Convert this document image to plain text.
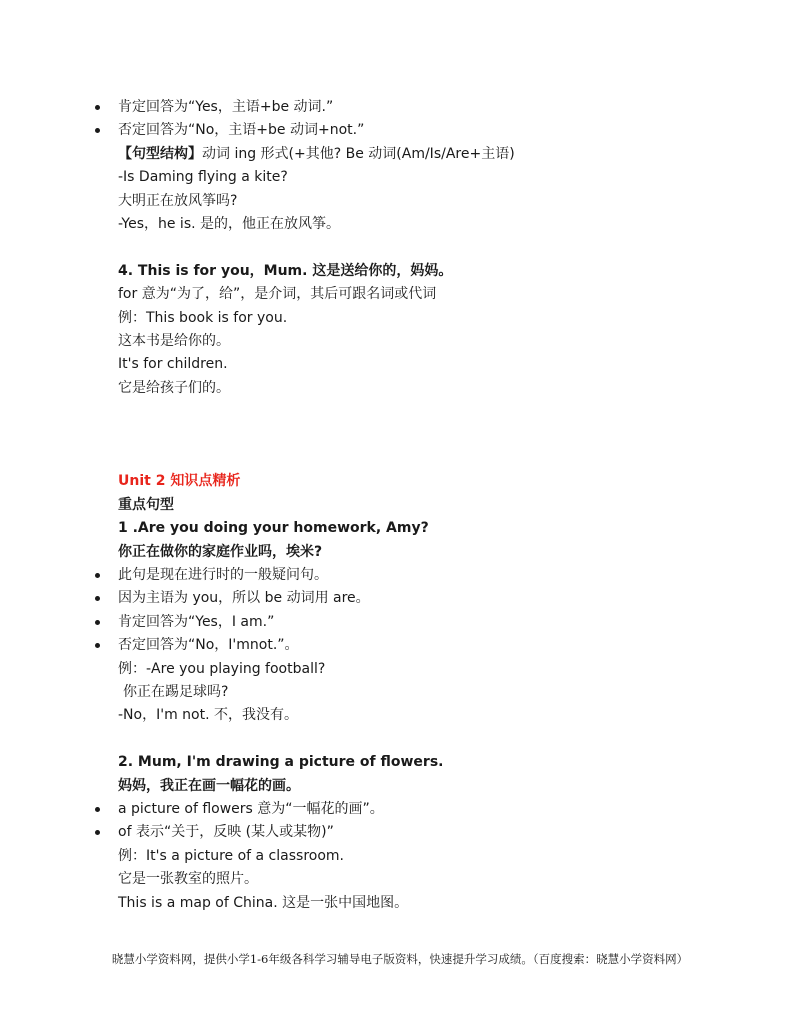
肯定回答为“Yes，主语+be 动词.”
否定回答为“No，主语+be 动词+not.”
【句型结构】动词 ing 形式(+其他? Be 动词(Am/Is/Are+主语)
-Is Daming flying a kite?
大明正在放风筝吗?
-Yes，he is. 是的，他正在放风筝。
4. This is for you，Mum. 这是送给你的，妈妈。
for 意为“为了，给”，是介词，其后可跟名词或代词
例：This book is for you.
这本书是给你的。
It's for children.
它是给孩子们的。
Unit 2 知识点精析
重点句型
1 .Are you doing your homework, Amy?
你正在做你的家庭作业吗，埃米?
此句是现在进行时的一般疑问句。
因为主语为 you，所以 be 动词用 are。
肯定回答为“Yes，I am.”
否定回答为“No，I'mnot.”。
例：-Are you playing football?
你正在踢足球吗?
-No，I'm not. 不，我没有。
2. Mum, I'm drawing a picture of flowers.
妈妈，我正在画一幅花的画。
a picture of flowers 意为“一幅花的画”。
of 表示“关于，反映 (某人或某物)”
例：It's a picture of a classroom.
它是一张教室的照片。
This is a map of China. 这是一张中国地图。
晓慧小学资料网，提供小学1-6年级各科学习辅导电子版资料，快速提升学习成绩。（百度搜索：晓慧小学资料网）
